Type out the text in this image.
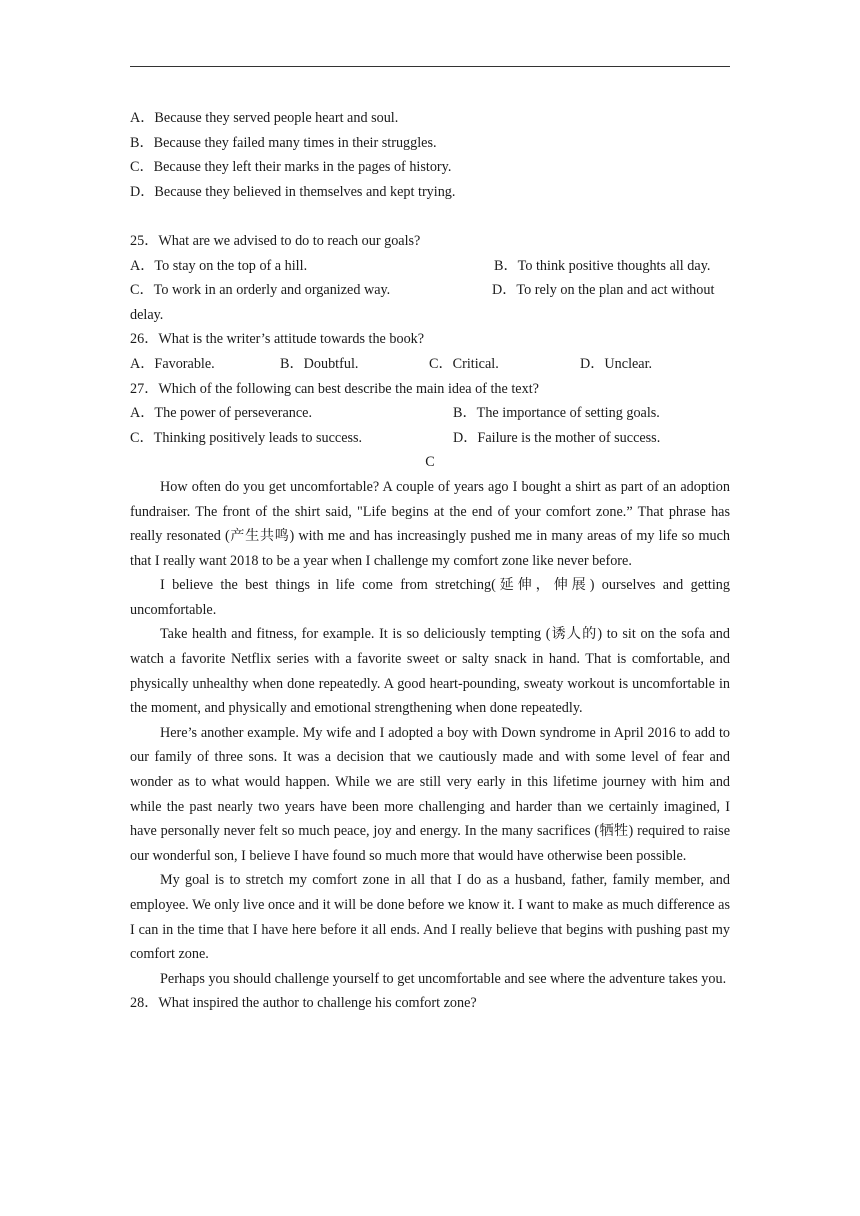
A．Because they served people heart and soul.
B．Because they failed many times in their struggles.
C．Because they left their marks in the pages of history.
D．Because they believed in themselves and kept trying.
25．What are we advised to do to reach our goals?
A．To stay on the top of a hill.	B．To think positive thoughts all day.
C．To work in an orderly and organized way.	D．To rely on the plan and act without
delay.
26．What is the writer’s attitude towards the book?
A．Favorable.	B．Doubtful.	C．Critical.	D．Unclear.
27．Which of the following can best describe the main idea of the text?
A．The power of perseverance.	B．The importance of setting goals.
C．Thinking positively leads to success.	D．Failure is the mother of success.
C

How often do you get uncomfortable? A couple of years ago I bought a shirt as part of an adoption fundraiser. The front of the shirt said, "Life begins at the end of your comfort zone.” That phrase has really resonated (产生共鸣) with me and has increasingly pushed me in many areas of my life so much that I really want 2018 to be a year when I challenge my comfort zone like never before.

I believe the best things in life come from stretching(延伸，伸展) ourselves and getting uncomfortable.

Take health and fitness, for example. It is so deliciously tempting (诱人的) to sit on the sofa and watch a favorite Netflix series with a favorite sweet or salty snack in hand. That is comfortable, and physically unhealthy when done repeatedly. A good heart-pounding, sweaty workout is uncomfortable in the moment, and physically and emotional strengthening when done repeatedly.

Here’s another example. My wife and I adopted a boy with Down syndrome in April 2016 to add to our family of three sons. It was a decision that we cautiously made and with some level of fear and wonder as to what would happen. While we are still very early in this lifetime journey with him and while the past nearly two years have been more challenging and harder than we certainly imagined, I have personally never felt so much peace, joy and energy. In the many sacrifices (牺牲) required to raise our wonderful son, I believe I have found so much more that would have otherwise been possible.

My goal is to stretch my comfort zone in all that I do as a husband, father, family member, and employee. We only live once and it will be done before we know it. I want to make as much difference as I can in the time that I have here before it all ends. And I really believe that begins with pushing past my comfort zone.

Perhaps you should challenge yourself to get uncomfortable and see where the adventure takes you.

28．What inspired the author to challenge his comfort zone?
